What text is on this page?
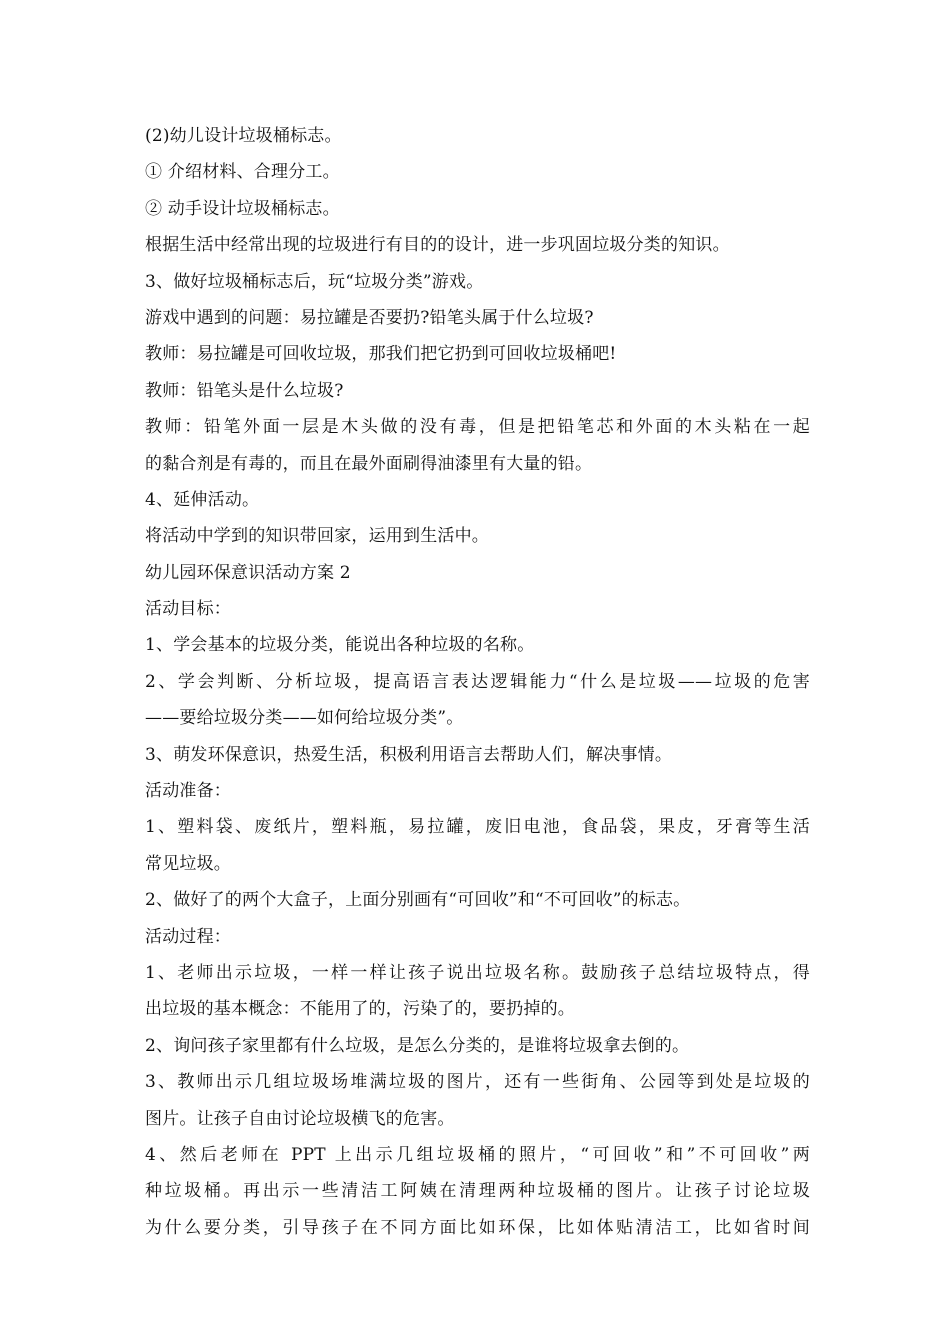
(2)幼儿设计垃圾桶标志。
① 介绍材料、合理分工。
② 动手设计垃圾桶标志。
根据生活中经常出现的垃圾进行有目的的设计，进一步巩固垃圾分类的知识。
3、做好垃圾桶标志后，玩“垃圾分类”游戏。
游戏中遇到的问题：易拉罐是否要扔?铅笔头属于什么垃圾?
教师：易拉罐是可回收垃圾，那我们把它扔到可回收垃圾桶吧!
教师：铅笔头是什么垃圾?
教师：铅笔外面一层是木头做的没有毒，但是把铅笔芯和外面的木头粘在一起
的黏合剂是有毒的，而且在最外面刷得油漆里有大量的铅。
4、延伸活动。
将活动中学到的知识带回家，运用到生活中。
幼儿园环保意识活动方案 2
活动目标：
1、学会基本的垃圾分类，能说出各种垃圾的名称。
2、学会判断、分析垃圾，提高语言表达逻辑能力“什么是垃圾——垃圾的危害
——要给垃圾分类——如何给垃圾分类”。
3、萌发环保意识，热爱生活，积极利用语言去帮助人们，解决事情。
活动准备：
1、塑料袋、废纸片，塑料瓶，易拉罐，废旧电池，食品袋，果皮，牙膏等生活
常见垃圾。
2、做好了的两个大盒子，上面分别画有“可回收”和“不可回收”的标志。
活动过程：
1、老师出示垃圾，一样一样让孩子说出垃圾名称。鼓励孩子总结垃圾特点，得
出垃圾的基本概念：不能用了的，污染了的，要扔掉的。
2、询问孩子家里都有什么垃圾，是怎么分类的，是谁将垃圾拿去倒的。
3、教师出示几组垃圾场堆满垃圾的图片，还有一些街角、公园等到处是垃圾的
图片。让孩子自由讨论垃圾横飞的危害。
4、然后老师在 PPT 上出示几组垃圾桶的照片，“可回收”和”不可回收”两
种垃圾桶。再出示一些清洁工阿姨在清理两种垃圾桶的图片。让孩子讨论垃圾
为什么要分类，引导孩子在不同方面比如环保，比如体贴清洁工，比如省时间
